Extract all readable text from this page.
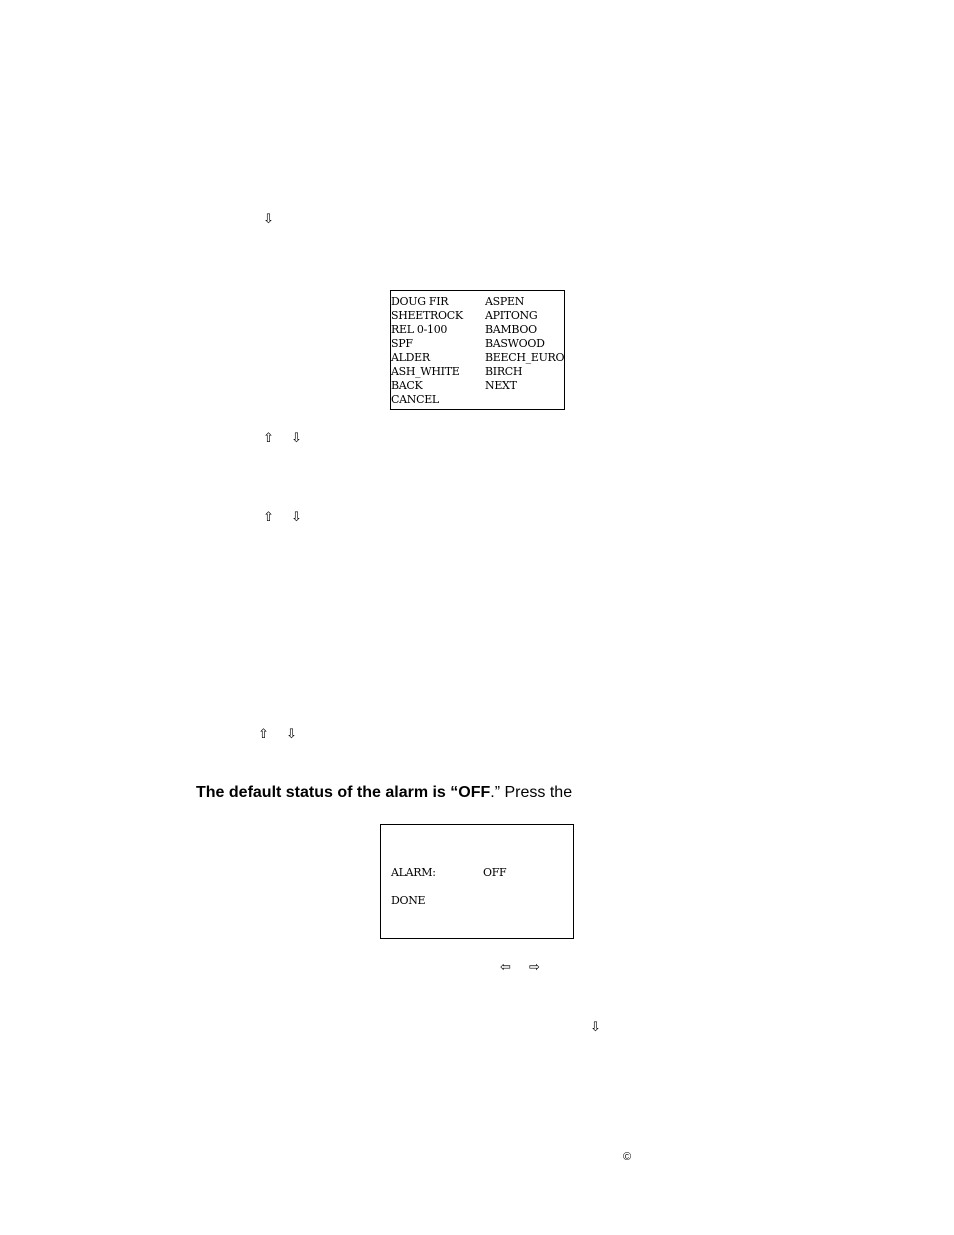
⇩
DOUG FIR
SHEETROCK
REL 0-100
SPF
ALDER
ASH_WHITE
BACK
CANCEL
ASPEN
APITONG
BAMBOO
BASWOOD
BEECH_EURO
BIRCH
NEXT
⇧ ⇩
⇧ ⇩
⇧ ⇩
The default status of the alarm is “OFF.” Press the
ALARM:	OFF
DONE
⇦ ⇨
⇩
©
